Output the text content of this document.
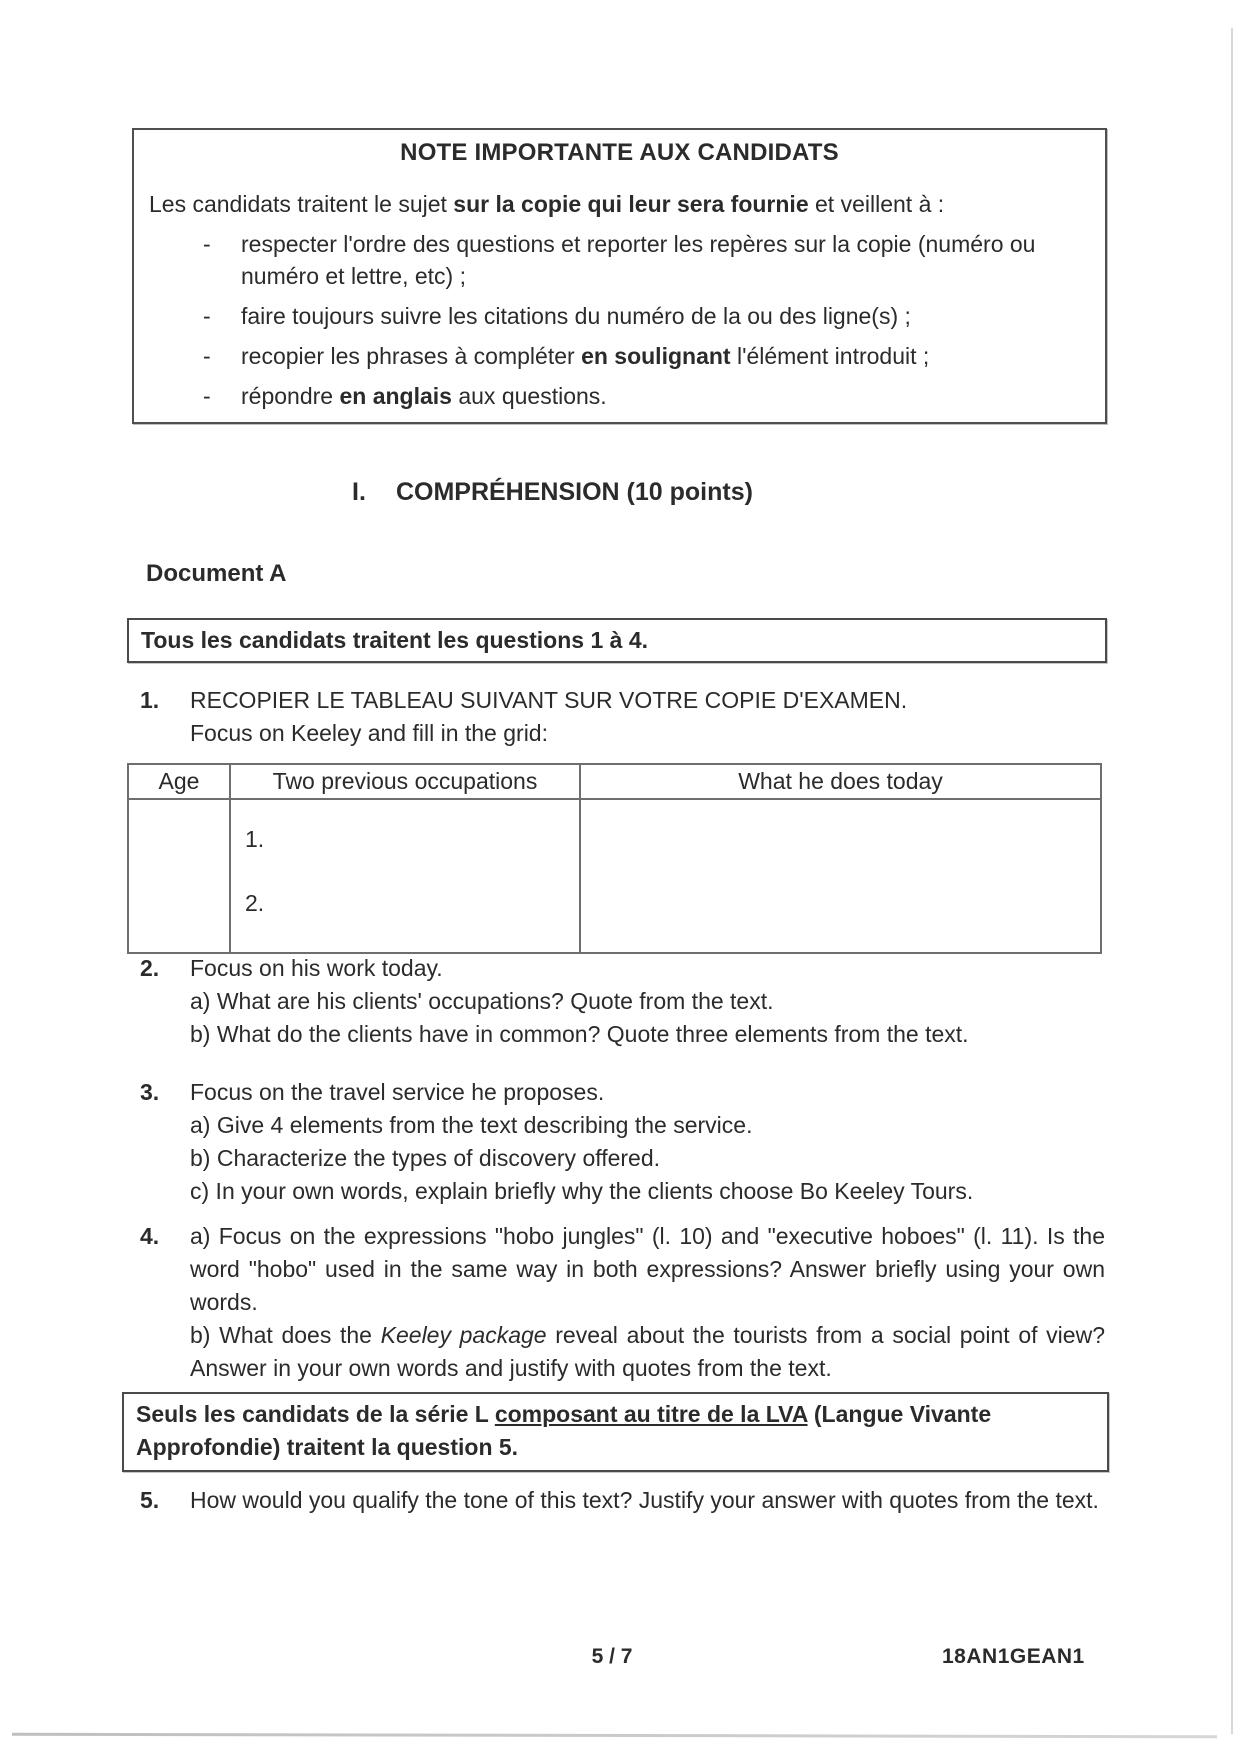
NOTE IMPORTANTE AUX CANDIDATS
Les candidats traitent le sujet sur la copie qui leur sera fournie et veillent à :
-	respecter l'ordre des questions et reporter les repères sur la copie (numéro ou
numéro et lettre, etc) ;
-	faire toujours suivre les citations du numéro de la ou des ligne(s) ;
-	recopier les phrases à compléter en soulignant l'élément introduit ;
-	répondre en anglais aux questions.
I. COMPRÉHENSION (10 points)
Document A
Tous les candidats traitent les questions 1 à 4.
1.	RECOPIER LE TABLEAU SUIVANT SUR VOTRE COPIE D'EXAMEN.
Focus on Keeley and fill in the grid:
Age	Two previous occupations	What he does today

	1.
2.	

2.	Focus on his work today.
a) What are his clients' occupations? Quote from the text.
b) What do the clients have in common? Quote three elements from the text.
3.	Focus on the travel service he proposes.
a) Give 4 elements from the text describing the service.
b) Characterize the types of discovery offered.
c) In your own words, explain briefly why the clients choose Bo Keeley Tours.
4.	a) Focus on the expressions "hobo jungles" (l. 10) and "executive hoboes" (l. 11). Is the word "hobo" used in the same way in both expressions? Answer briefly using your own words.
b) What does the Keeley package reveal about the tourists from a social point of view? Answer in your own words and justify with quotes from the text.
Seuls les candidats de la série L composant au titre de la LVA (Langue Vivante
Approfondie) traitent la question 5.
5.	How would you qualify the tone of this text? Justify your answer with quotes from the text.
5 / 7	18AN1GEAN1
